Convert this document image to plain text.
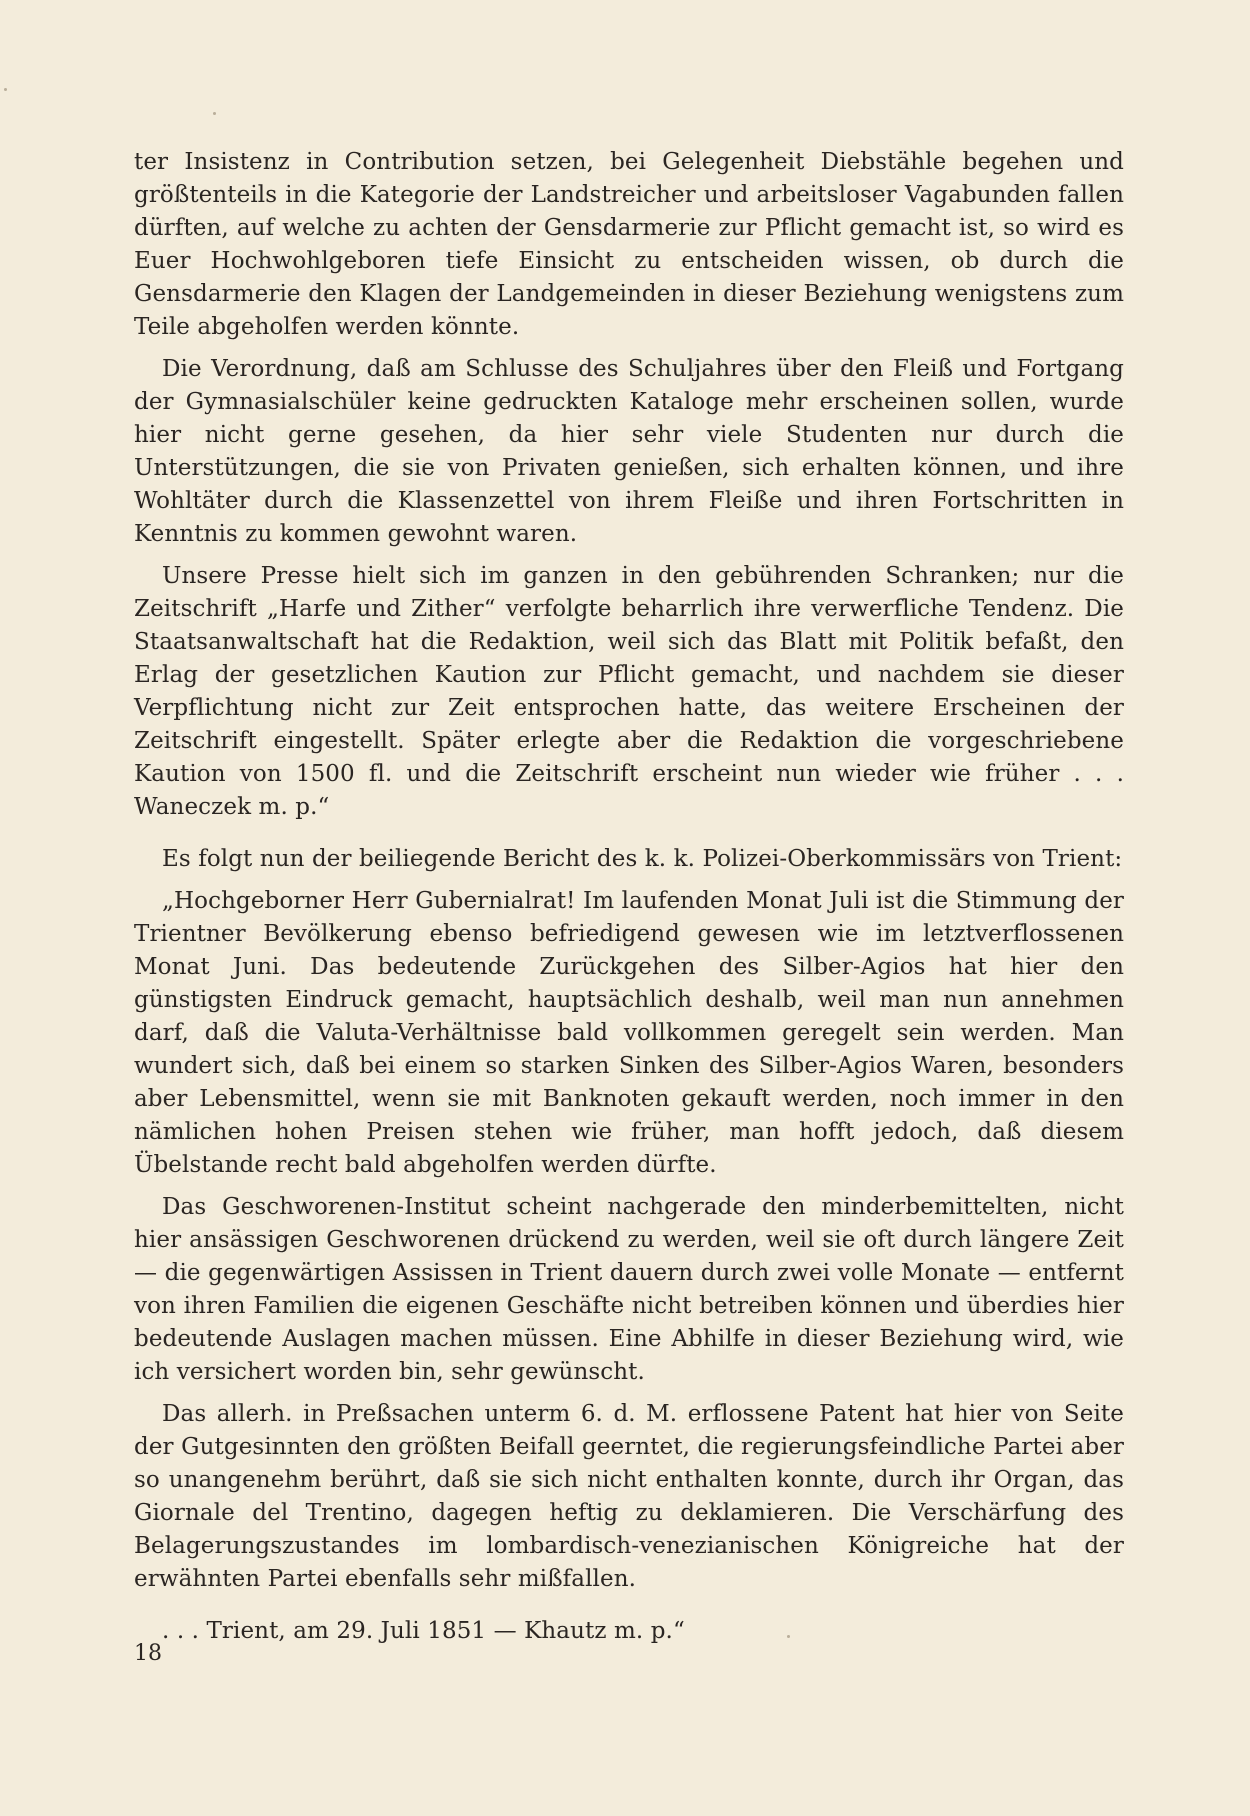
ter Insistenz in Contribution setzen, bei Gelegenheit Diebstähle begehen und größtenteils in die Kategorie der Landstreicher und arbeitsloser Vagabunden fallen dürften, auf welche zu achten der Gensdarmerie zur Pflicht gemacht ist, so wird es Euer Hochwohlgeboren tiefe Einsicht zu entscheiden wissen, ob durch die Gensdarmerie den Klagen der Landgemeinden in dieser Beziehung wenigstens zum Teile abgeholfen werden könnte.

Die Verordnung, daß am Schlusse des Schuljahres über den Fleiß und Fortgang der Gymnasialschüler keine gedruckten Kataloge mehr erscheinen sollen, wurde hier nicht gerne gesehen, da hier sehr viele Studenten nur durch die Unterstützungen, die sie von Privaten genießen, sich erhalten können, und ihre Wohltäter durch die Klassenzettel von ihrem Fleiße und ihren Fortschritten in Kenntnis zu kommen gewohnt waren.

Unsere Presse hielt sich im ganzen in den gebührenden Schranken; nur die Zeitschrift „Harfe und Zither“ verfolgte beharrlich ihre verwerfliche Tendenz. Die Staatsanwaltschaft hat die Redaktion, weil sich das Blatt mit Politik befaßt, den Erlag der gesetzlichen Kaution zur Pflicht gemacht, und nachdem sie dieser Verpflichtung nicht zur Zeit entsprochen hatte, das weitere Erscheinen der Zeitschrift eingestellt. Später erlegte aber die Redaktion die vorgeschriebene Kaution von 1500 fl. und die Zeitschrift erscheint nun wieder wie früher . . . Waneczek m. p.“

Es folgt nun der beiliegende Bericht des k. k. Polizei-Oberkommissärs von Trient:

„Hochgeborner Herr Gubernialrat! Im laufenden Monat Juli ist die Stimmung der Trientner Bevölkerung ebenso befriedigend gewesen wie im letztverflossenen Monat Juni. Das bedeutende Zurückgehen des Silber-Agios hat hier den günstigsten Eindruck gemacht, hauptsächlich deshalb, weil man nun annehmen darf, daß die Valuta-Verhältnisse bald vollkommen geregelt sein werden. Man wundert sich, daß bei einem so starken Sinken des Silber-Agios Waren, besonders aber Lebensmittel, wenn sie mit Banknoten gekauft werden, noch immer in den nämlichen hohen Preisen stehen wie früher, man hofft jedoch, daß diesem Übelstande recht bald abgeholfen werden dürfte.

Das Geschworenen-Institut scheint nachgerade den minderbemittelten, nicht hier ansässigen Geschworenen drückend zu werden, weil sie oft durch längere Zeit — die gegenwärtigen Assissen in Trient dauern durch zwei volle Monate — entfernt von ihren Familien die eigenen Geschäfte nicht betreiben können und überdies hier bedeutende Auslagen machen müssen. Eine Abhilfe in dieser Beziehung wird, wie ich versichert worden bin, sehr gewünscht.

Das allerh. in Preßsachen unterm 6. d. M. erflossene Patent hat hier von Seite der Gutgesinnten den größten Beifall geerntet, die regierungsfeindliche Partei aber so unangenehm berührt, daß sie sich nicht enthalten konnte, durch ihr Organ, das Giornale del Trentino, dagegen heftig zu deklamieren. Die Verschärfung des Belagerungszustandes im lombardisch-venezianischen Königreiche hat der erwähnten Partei ebenfalls sehr mißfallen.

. . . Trient, am 29. Juli 1851 — Khautz m. p.“

18
